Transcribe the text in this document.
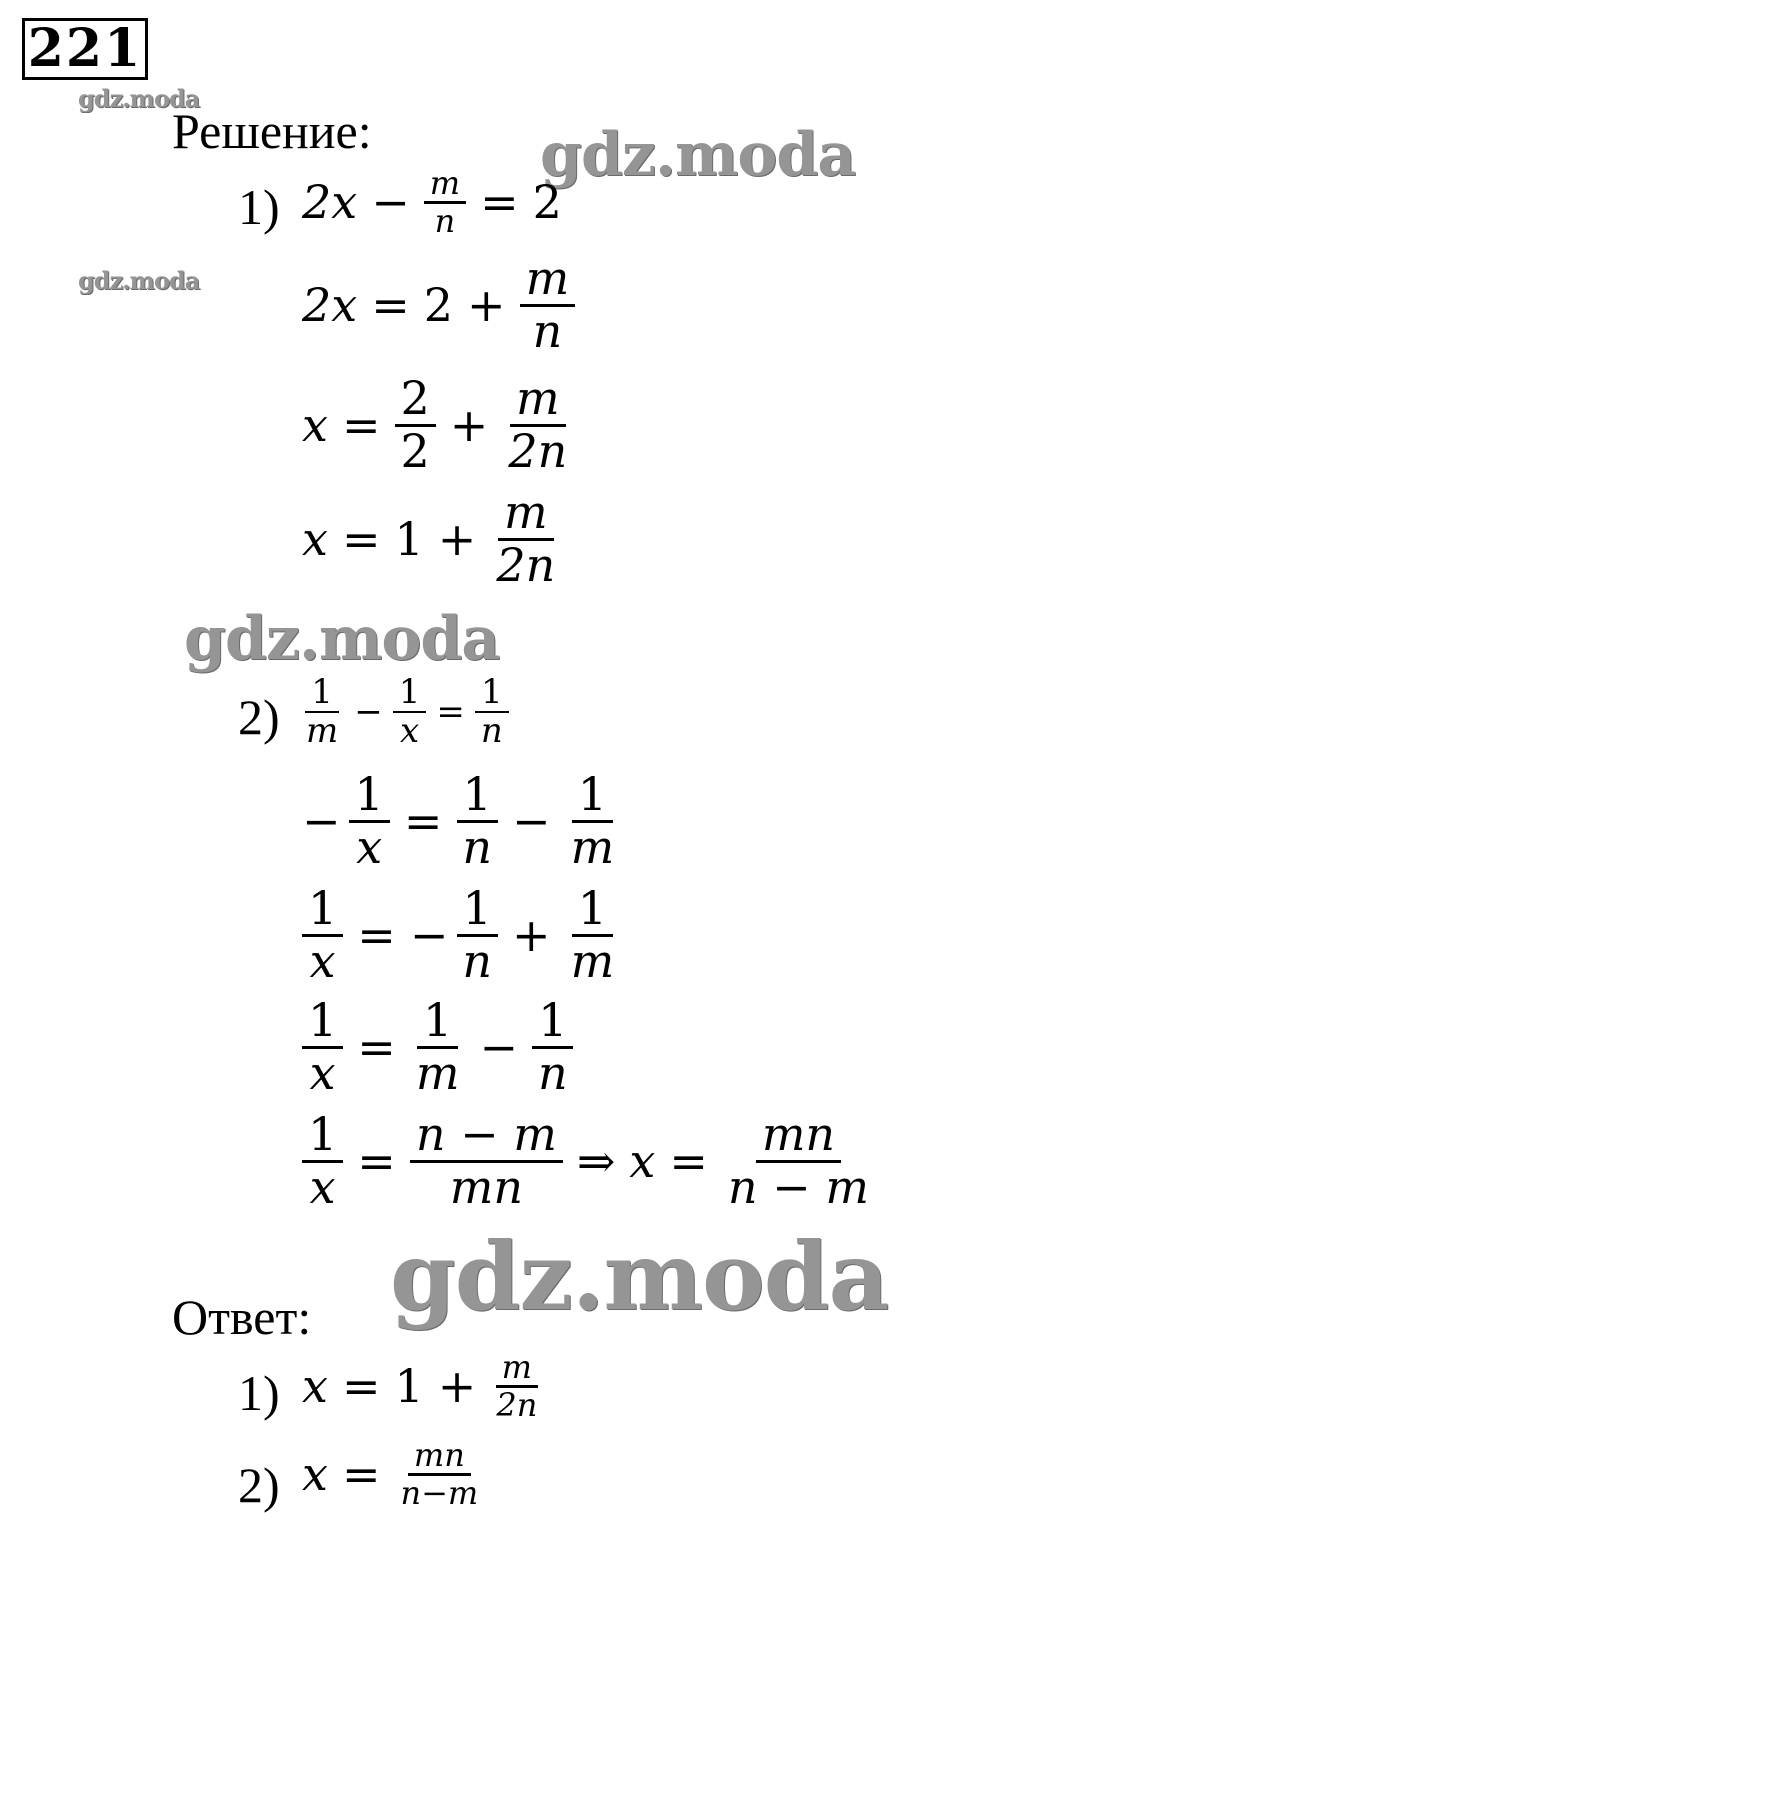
221
gdz.moda
gdz.moda
gdz.moda
gdz.moda
gdz.moda
Решение:
1) $2x - \frac{m}{n} = 2$
$2x = 2 + \frac{m}{n}$
$x = \frac{2}{2} + \frac{m}{2n}$
$x = 1 + \frac{m}{2n}$
$2) \frac{1}{m} - \frac{1}{x} = \frac{1}{n}$
− $\frac{1}{x} = \frac{1}{n} - \frac{1}{m}$
$\frac{1}{x}$ = − $\frac{1}{n} + \frac{1}{m}$
$\frac{1}{x} = \frac{1}{m} - \frac{1}{n}$
$\frac{1}{x} = \frac{n - m}{mn}$ ⇒ $x = \frac{mn}{n - m}$
Ответ:
1) $x = 1 + \frac{m}{2n}$
2) $x = \frac{mn}{n-m}$
